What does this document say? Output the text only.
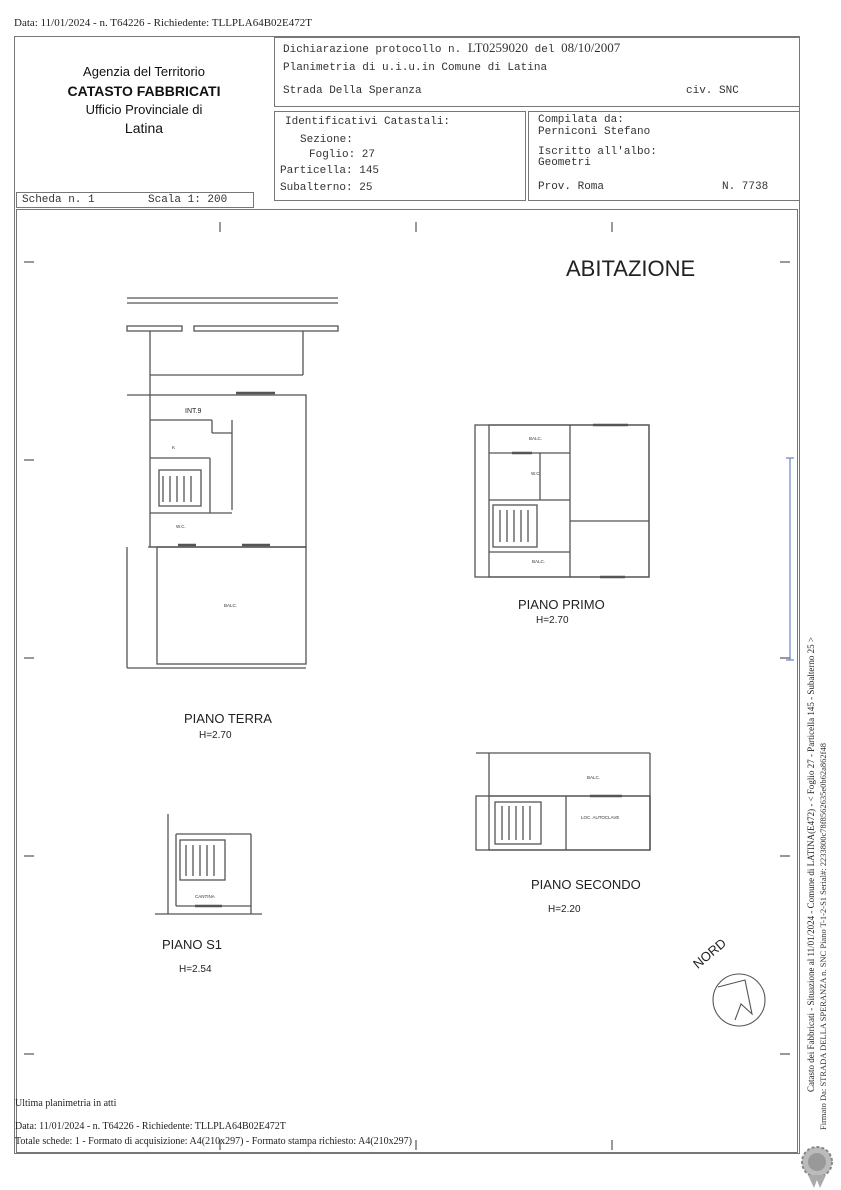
Data: 11/01/2024 - n. T64226 - Richiedente: TLLPLA64B02E472T
Agenzia del Territorio
CATASTO FABBRICATI
Ufficio Provinciale di
Latina
Dichiarazione protocollo n. LT0259020 del 08/10/2007
Planimetria di u.i.u.in Comune di Latina
Strada Della Speranza	civ. SNC
Identificativi Catastali:
Sezione:
Foglio: 27
Particella: 145
Subalterno: 25
Compilata da:
Perniconi Stefano
Iscritto all'albo:
Geometri
Prov. Roma	N. 7738
Scheda n. 1	Scala 1: 200
ABITAZIONE
INT.9
K
W.C.
BALC.
BALC.
W.C.
BALC.
BALC.
LOC. AUTOCLAVE
CANTINA
PIANO TERRA
H=2.70
PIANO PRIMO
H=2.70
PIANO SECONDO
H=2.20
PIANO S1
H=2.54	NORD	Catasto dei Fabbricati - Situazione al 11/01/2024 - Comune di LATINA(E472) - < Foglio 27 - Particella 145 - Subalterno 25 > Firmato Da: STRADA DELLA SPERANZA n. SNC Piano T-1-2-S1 Serial#: 2233800c78f8562635e0b62a862f48
Ultima planimetria in atti
Data: 11/01/2024 - n. T64226 - Richiedente: TLLPLA64B02E472T
Totale schede: 1 - Formato di acquisizione: A4(210x297) - Formato stampa richiesto: A4(210x297)
